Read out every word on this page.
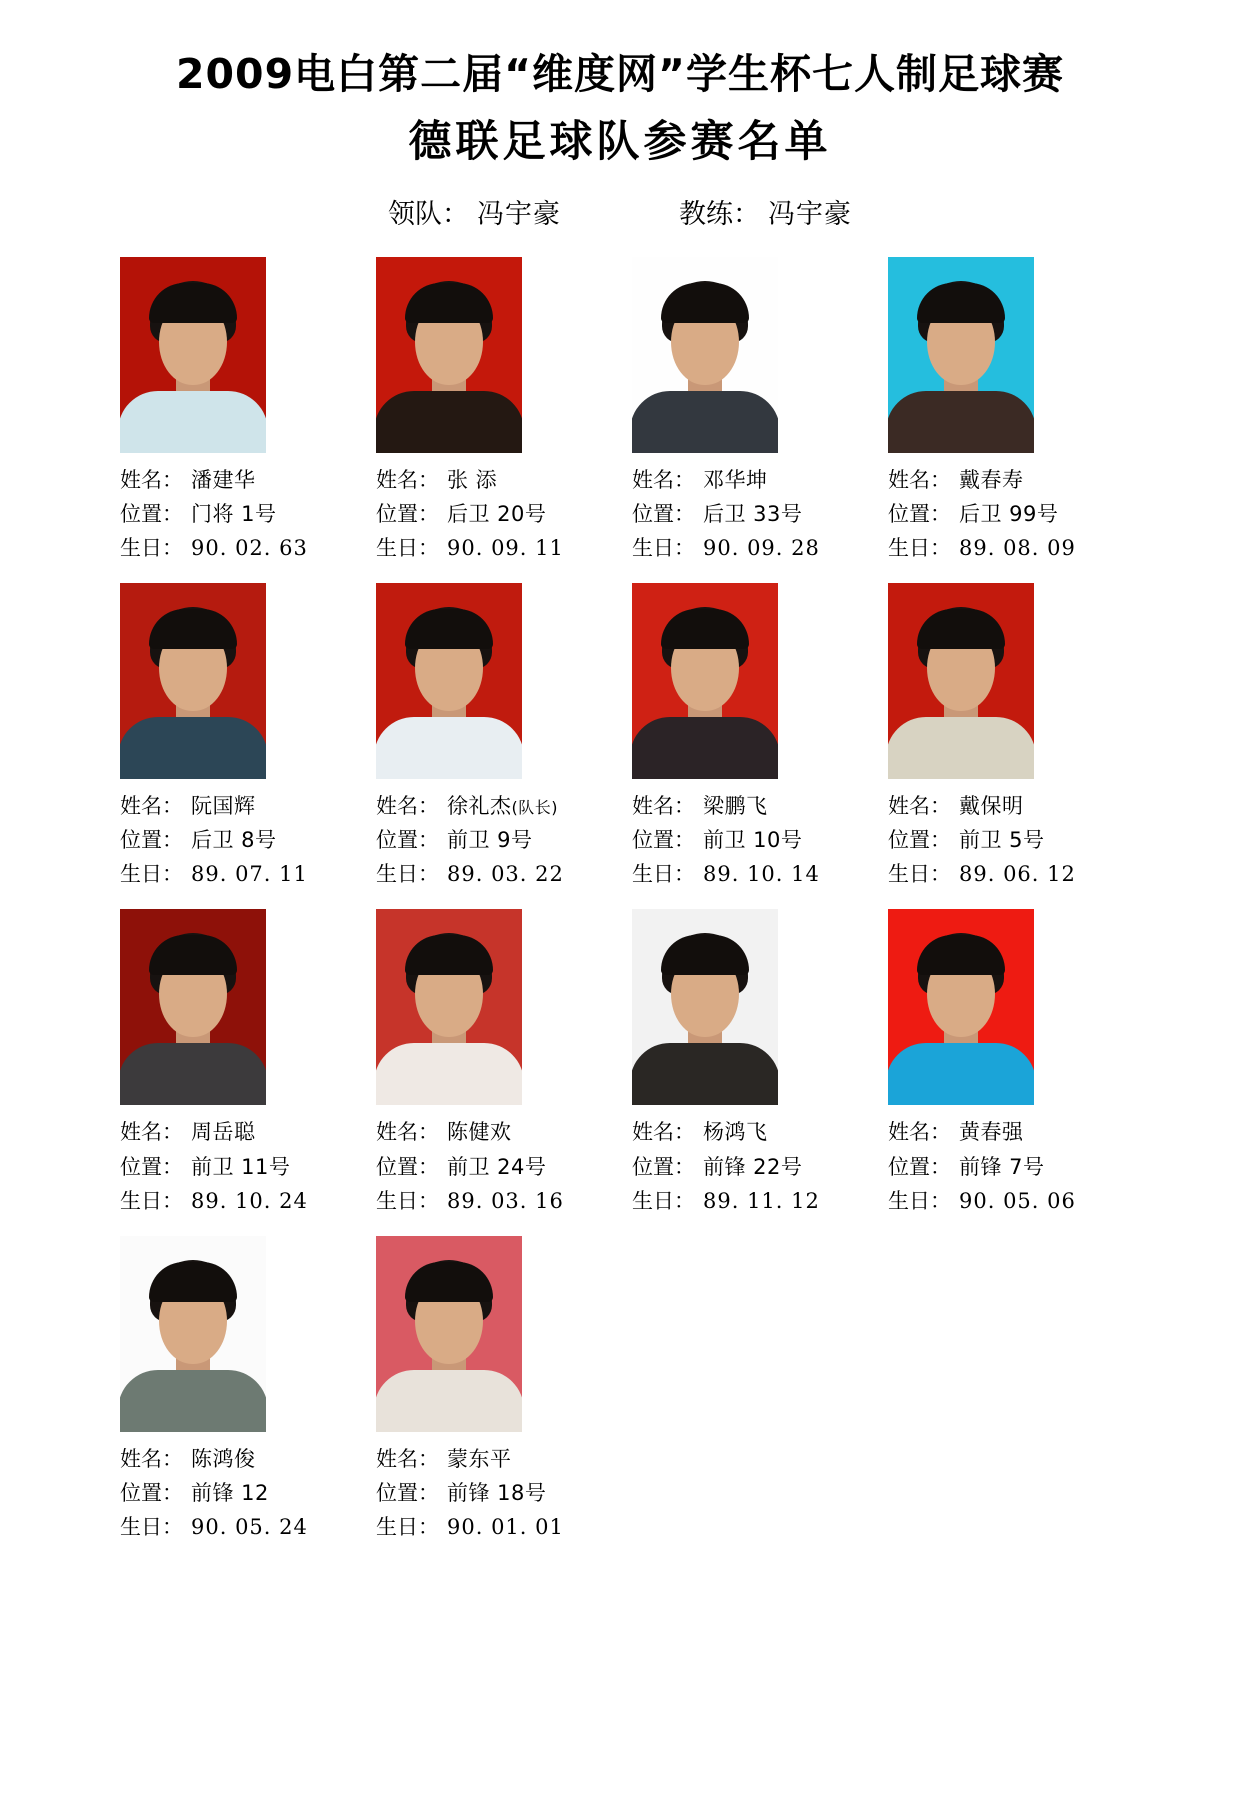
2009电白第二届“维度网”学生杯七人制足球赛
德联足球队参赛名单
领队： 冯宇豪	教练： 冯宇豪
姓名： 潘建华
位置： 门将 1号
生日： 90. 02. 63
姓名： 张 添
位置： 后卫 20号
生日： 90. 09. 11
姓名： 邓华坤
位置： 后卫 33号
生日： 90. 09. 28
姓名： 戴春寿
位置： 后卫 99号
生日： 89. 08. 09
姓名： 阮国辉
位置： 后卫 8号
生日： 89. 07. 11
姓名： 徐礼杰(队长)
位置： 前卫 9号
生日： 89. 03. 22
姓名： 梁鹏飞
位置： 前卫 10号
生日： 89. 10. 14
姓名： 戴保明
位置： 前卫 5号
生日： 89. 06. 12
姓名： 周岳聪
位置： 前卫 11号
生日： 89. 10. 24
姓名： 陈健欢
位置： 前卫 24号
生日： 89. 03. 16
姓名： 杨鸿飞
位置： 前锋 22号
生日： 89. 11. 12
姓名： 黄春强
位置： 前锋 7号
生日： 90. 05. 06
姓名： 陈鸿俊
位置： 前锋 12
生日： 90. 05. 24
姓名： 蒙东平
位置： 前锋 18号
生日： 90. 01. 01
